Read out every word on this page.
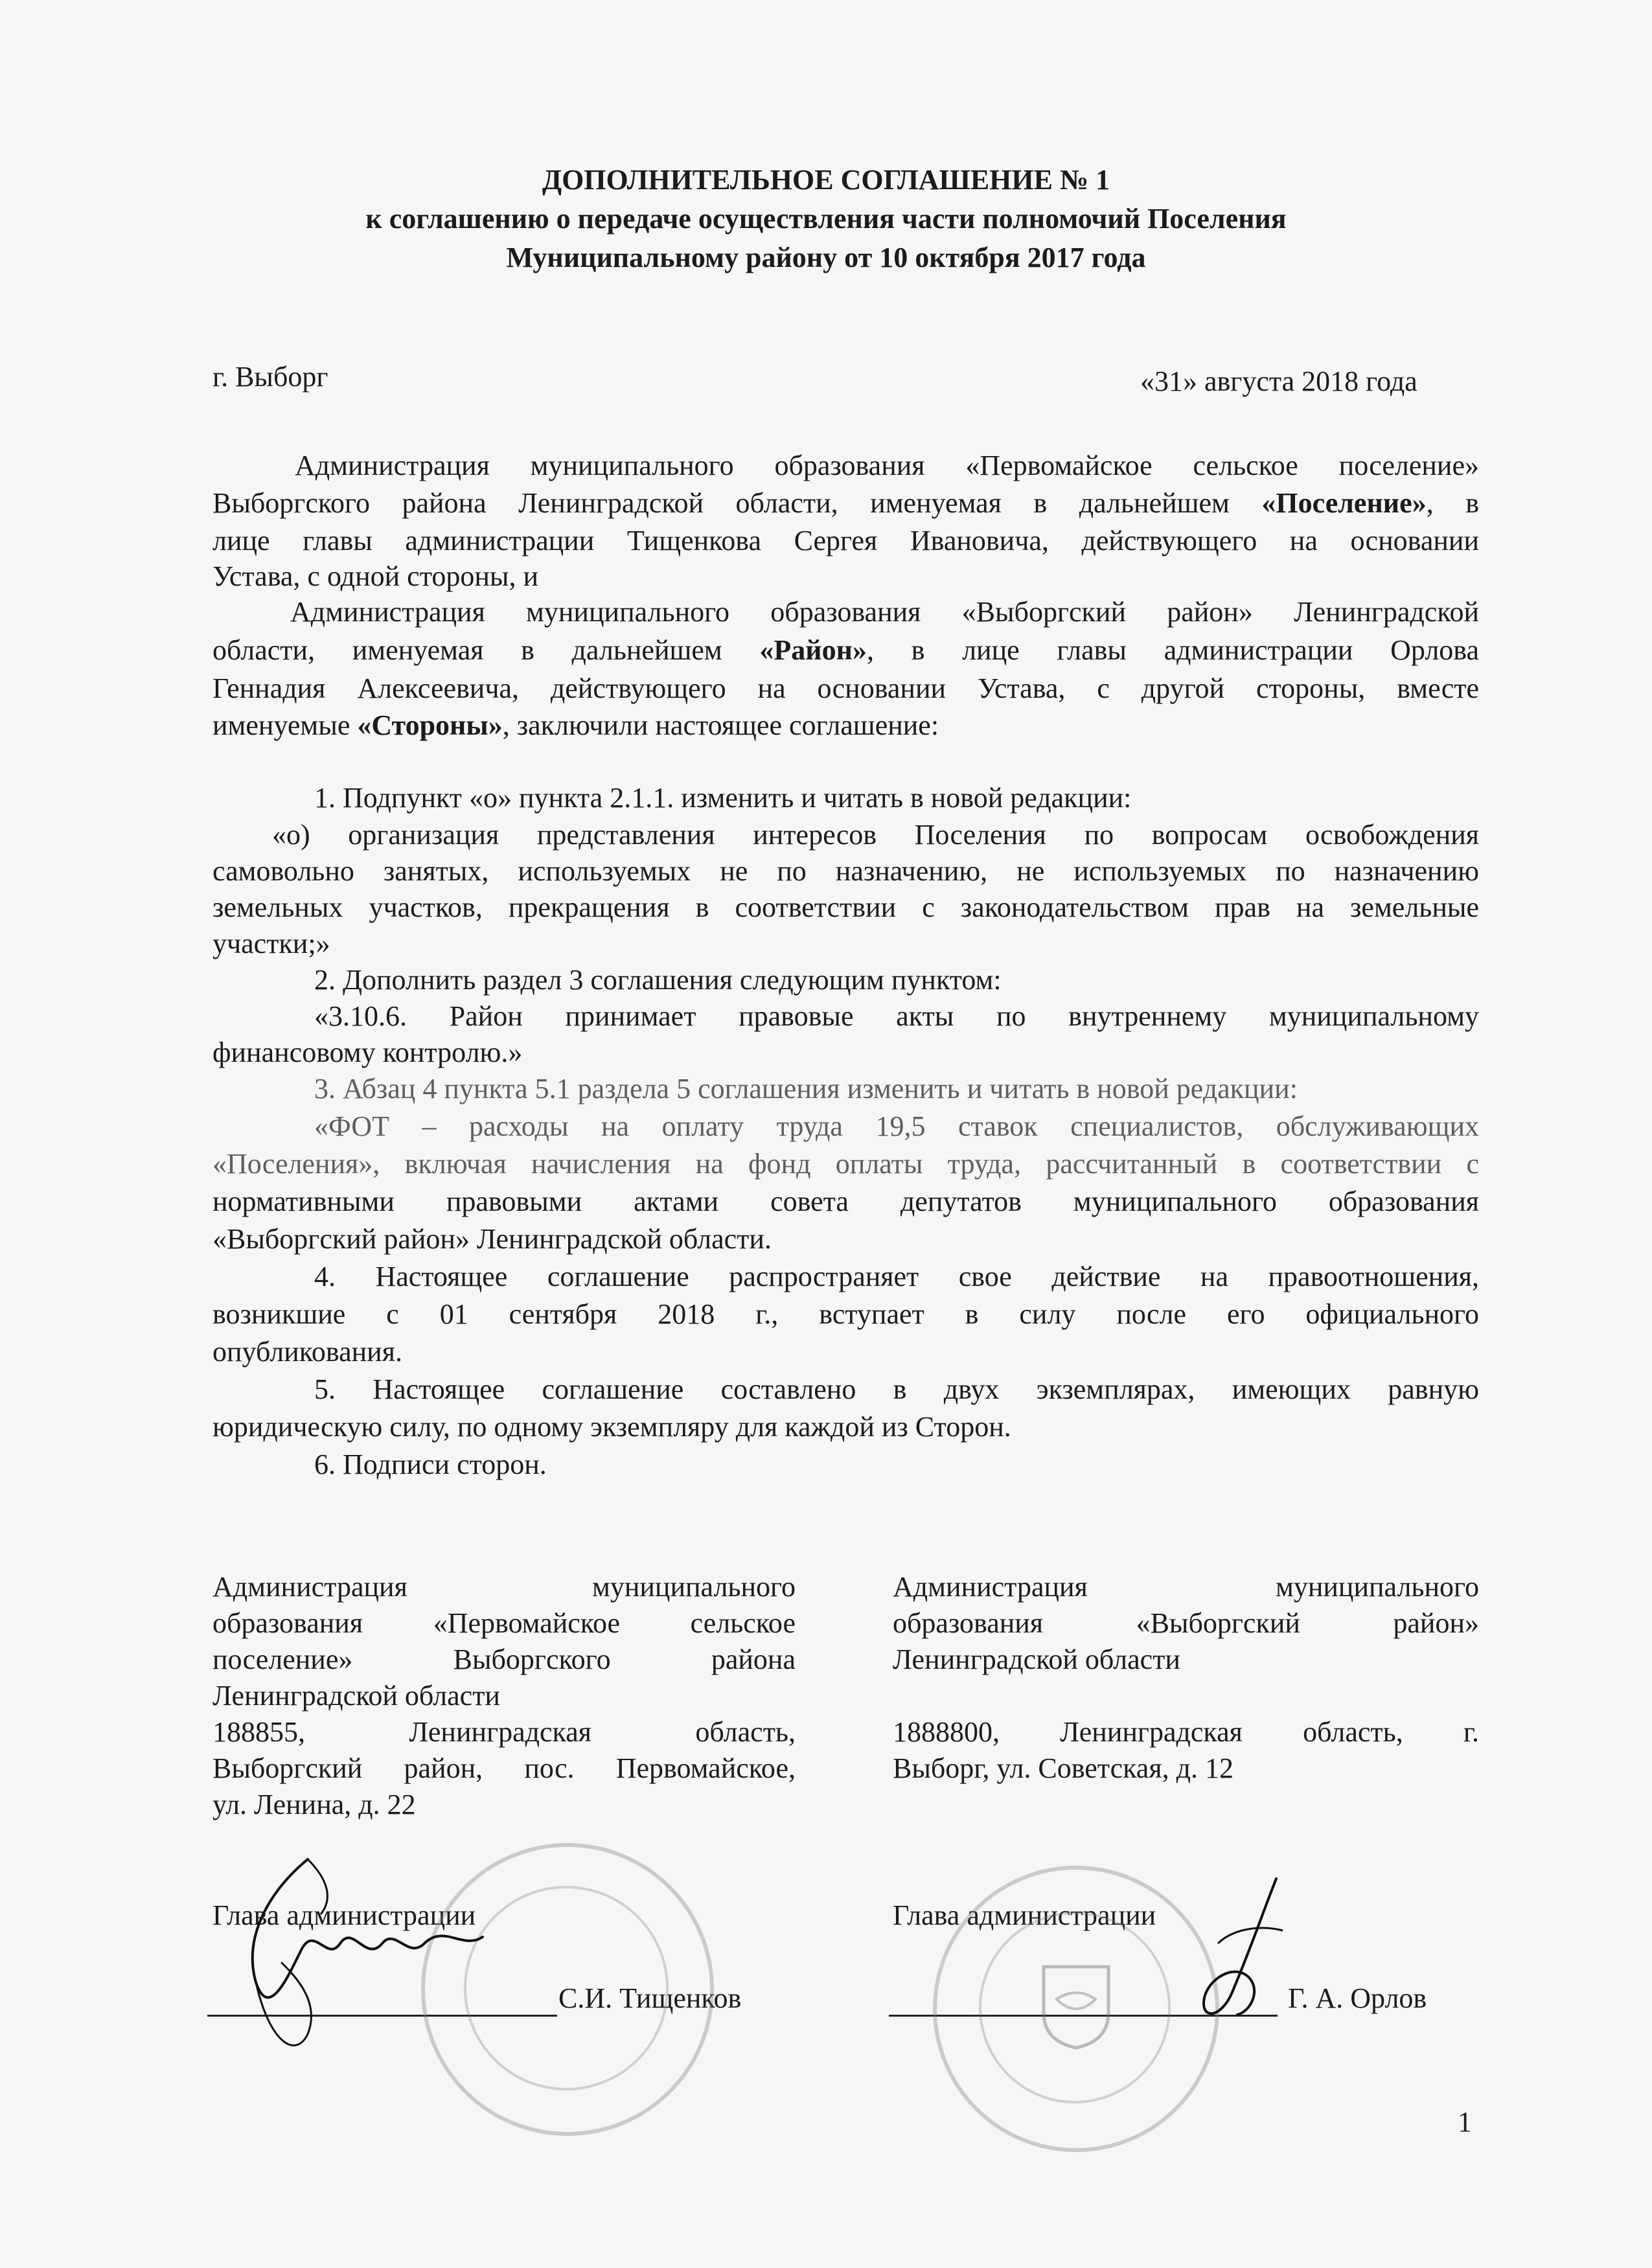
ДОПОЛНИТЕЛЬНОЕ СОГЛАШЕНИЕ № 1
к соглашению о передаче осуществления части полномочий Поселения
Муниципальному району от 10 октября 2017 года
г. Выборг	«31» августа 2018 года
Администрация муниципального образования «Первомайское сельское поселение»
Выборгского района Ленинградской области, именуемая в дальнейшем «Поселение», в
лице главы администрации Тищенкова Сергея Ивановича, действующего на основании
Устава, с одной стороны, и
Администрация муниципального образования «Выборгский район» Ленинградской
области, именуемая в дальнейшем «Район», в лице главы администрации Орлова
Геннадия Алексеевича, действующего на основании Устава, с другой стороны, вместе
именуемые «Стороны», заключили настоящее соглашение:
1. Подпункт «о» пункта 2.1.1. изменить и читать в новой редакции:
«о) организация представления интересов Поселения по вопросам освобождения
самовольно занятых, используемых не по назначению, не используемых по назначению
земельных участков, прекращения в соответствии с законодательством прав на земельные
участки;»
2. Дополнить раздел 3 соглашения следующим пунктом:
«3.10.6. Район принимает правовые акты по внутреннему муниципальному
финансовому контролю.»
3. Абзац 4 пункта 5.1 раздела 5 соглашения изменить и читать в новой редакции:
«ФОТ – расходы на оплату труда 19,5 ставок специалистов, обслуживающих
«Поселения», включая начисления на фонд оплаты труда, рассчитанный в соответствии с
нормативными правовыми актами совета депутатов муниципального образования
«Выборгский район» Ленинградской области.
4. Настоящее соглашение распространяет свое действие на правоотношения,
возникшие с 01 сентября 2018 г., вступает в силу после его официального
опубликования.
5. Настоящее соглашение составлено в двух экземплярах, имеющих равную
юридическую силу, по одному экземпляру для каждой из Сторон.
6. Подписи сторон.
Администрация муниципального
образования «Первомайское сельское
поселение» Выборгского района
Ленинградской области
188855, Ленинградская область,
Выборгский район, пос. Первомайское,
ул. Ленина, д. 22
Глава администрации
С.И. Тищенков
Администрация муниципального
образования «Выборгский район»
Ленинградской области
1888800, Ленинградская область, г.
Выборг, ул. Советская, д. 12
Глава администрации
Г. А. Орлов
1
